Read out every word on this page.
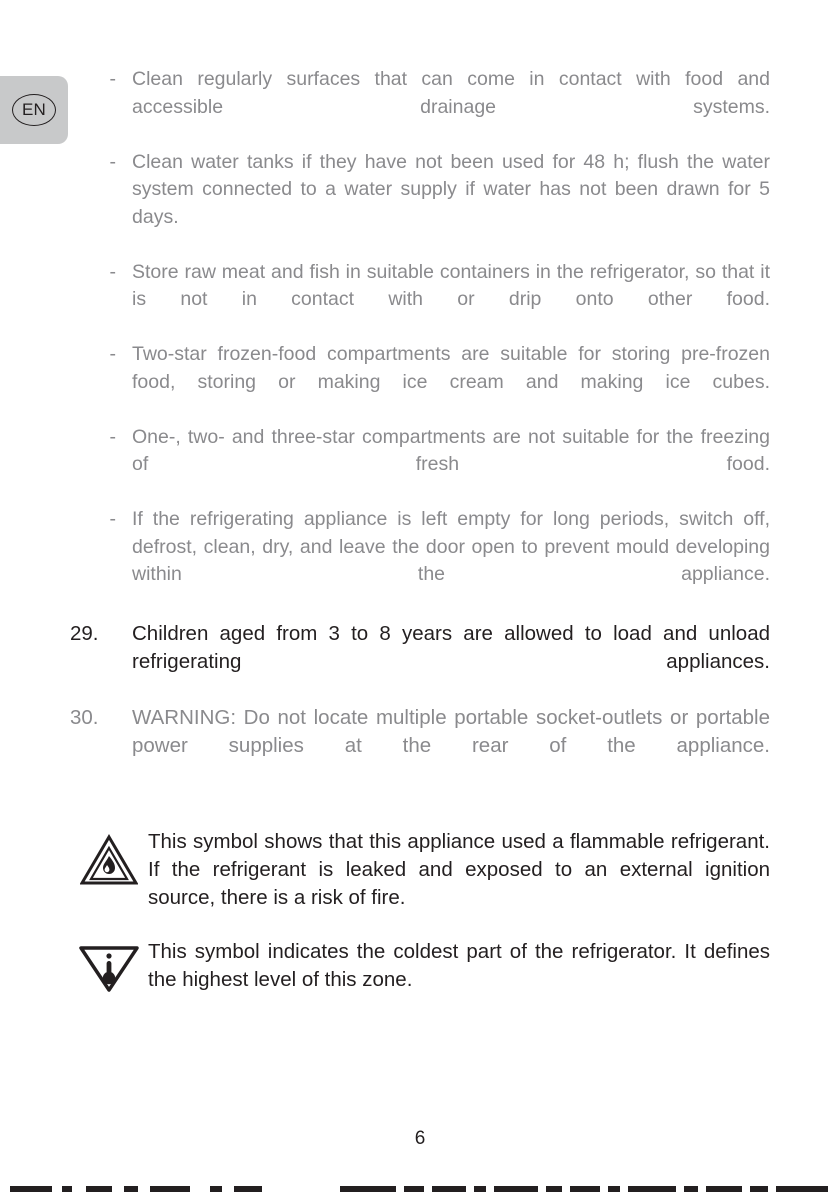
EN
- Clean regularly surfaces that can come in contact with food and accessible drainage systems.
- Clean water tanks if they have not been used for 48 h; flush the water system connected to a water supply if water has not been drawn for 5 days.
- Store raw meat and fish in suitable containers in the refrigerator, so that it is not in contact with or drip onto other food.
- Two-star frozen-food compartments are suitable for storing pre-frozen food, storing or making ice cream and making ice cubes.
- One-, two- and three-star compartments are not suitable for the freezing of fresh food.
- If the refrigerating appliance is left empty for long periods, switch off, defrost, clean, dry, and leave the door open to prevent mould developing within the appliance.
29.	Children aged from 3 to 8 years are allowed to load and unload refrigerating appliances.
30.	WARNING: Do not locate multiple portable socket-outlets or portable power supplies at the rear of the appliance.
This symbol shows that this appliance used a flammable refrigerant. If the refrigerant is leaked and exposed to an external ignition source, there is a risk of fire.
This symbol indicates the coldest part of the refrigerator. It defines the highest level of this zone.
6
